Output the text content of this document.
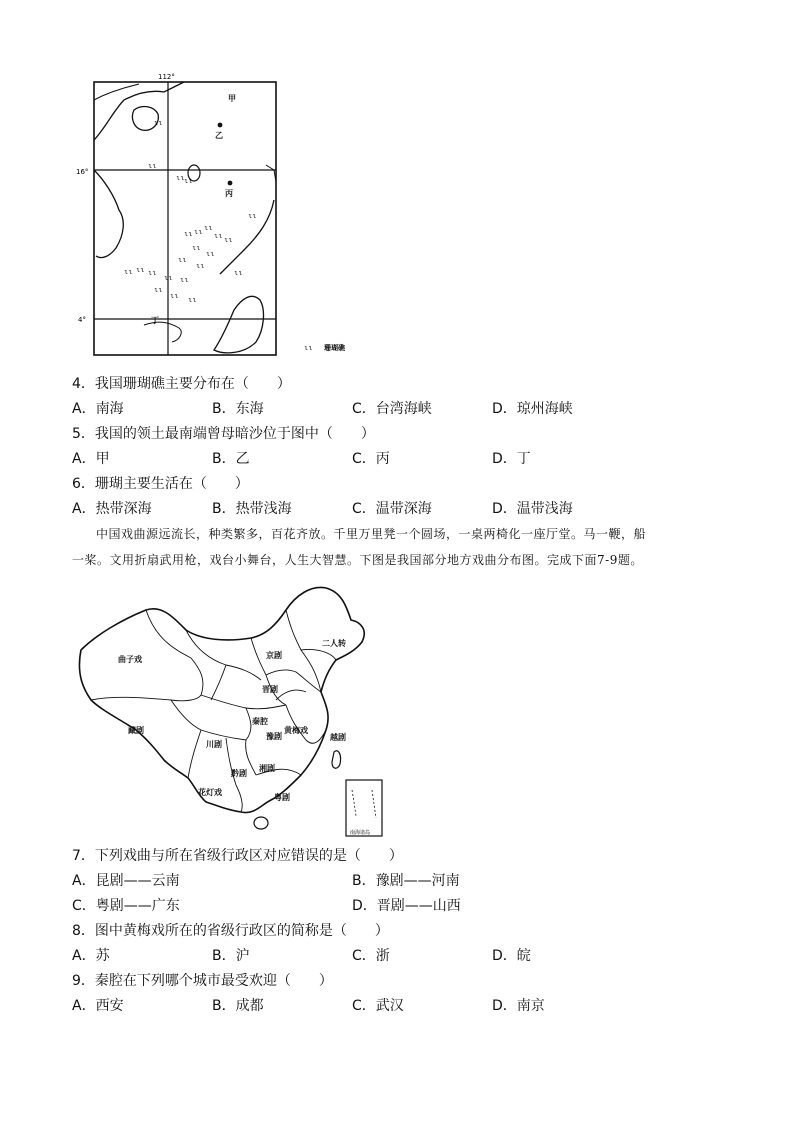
112°
16°
4°
甲
乙
丙
丁
ɩɩ
ɩɩ
ɩɩ ɩɩ
ɩɩ
ɩɩ ɩɩ ɩɩ ɩɩ
ɩɩ
ɩɩ
ɩɩ
ɩɩ
ɩɩ ɩɩ ɩɩ
ɩɩ ɩɩ
ɩɩ
ɩɩ ɩɩ
ɩɩ
ɩɩ
ɩɩ 珊瑚礁
4．我国珊瑚礁主要分布在（　　）
A．南海	B．东海	C．台湾海峡	D．琼州海峡
5．我国的领土最南端曾母暗沙位于图中（　　）
A．甲	B．乙	C．丙	D．丁
6．珊瑚主要生活在（　　）
A．热带深海	B．热带浅海	C．温带深海	D．温带浅海

中国戏曲源远流长，种类繁多，百花齐放。千里万里凳一个圆场，一桌两椅化一座厅堂。马一鞭，船

一桨。文用折扇武用枪，戏台小舞台，人生大智慧。下图是我国部分地方戏曲分布图。完成下面7-9题。
曲子戏	京剧
二人转
晋剧
豫剧
秦腔
藏剧
川剧
黄梅戏
越剧
湘剧
黔剧
花灯戏
粤剧
南海诸岛
7．下列戏曲与所在省级行政区对应错误的是（　　）
A．昆剧——云南	B．豫剧——河南
C．粤剧——广东	D．晋剧——山西
8．图中黄梅戏所在的省级行政区的简称是（　　）
A．苏	B．沪	C．浙	D．皖
9．秦腔在下列哪个城市最受欢迎（　　）
A．西安	B．成都	C．武汉	D．南京
